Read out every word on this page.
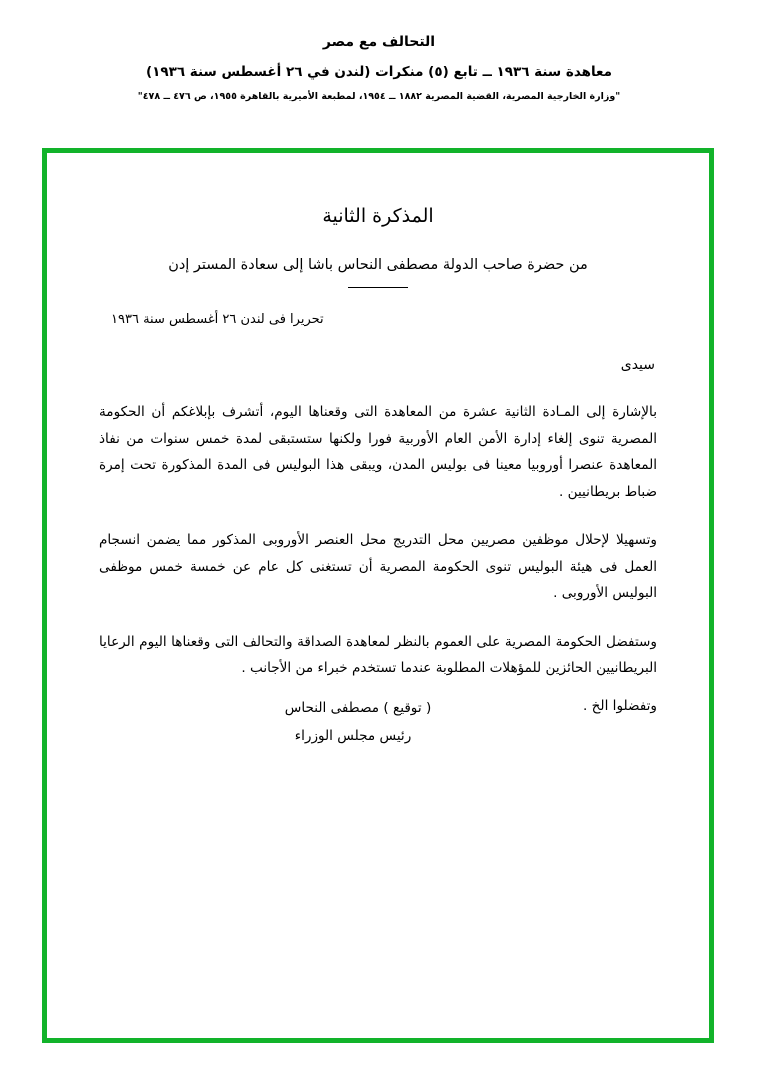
التحالف مع مصر
معاهدة سنة ١٩٣٦ ــ تابع (٥) منكرات (لندن في ٢٦ أغسطس سنة ١٩٣٦)
"وزارة الخارجية المصرية، القضية المصرية ١٨٨٢ ــ ١٩٥٤، لمطبعة الأميرية بالقاهرة ١٩٥٥، ص ٤٧٦ ــ ٤٧٨"
المذكرة الثانية
من حضرة صاحب الدولة مصطفى النحاس باشا إلى سعادة المستر إدن
تحريرا فى لندن ٢٦ أغسطس سنة ١٩٣٦
سيدى

بالإشارة إلى المـادة الثانية عشرة من المعاهدة التى وقعناها اليوم، أتشرف بإبلاغكم أن الحكومة المصرية تنوى إلغاء إدارة الأمن العام الأوربية فورا ولكنها ستستبقى لمدة خمس سنوات من نفاذ المعاهدة عنصرا أوروبيا معينا فى بوليس المدن، ويبقى هذا البوليس فى المدة المذكورة تحت إمرة ضباط بريطانيين .

وتسهيلا لإحلال موظفين مصريين محل التدريج محل العنصر الأوروبى المذكور مما يضمن انسجام العمل فى هيئة البوليس تنوى الحكومة المصرية أن تستغنى كل عام عن خمسة خمس موظفى البوليس الأوروبى .

وستفضل الحكومة المصرية على العموم بالنظر لمعاهدة الصداقة والتحالف التى وقعناها اليوم الرعايا البريطانيين الحائزين للمؤهلات المطلوبة عندما تستخدم خبراء من الأجانب .

وتفضلوا الخ .
( توقيع ) مصطفى النحاس
رئيس مجلس الوزراء
